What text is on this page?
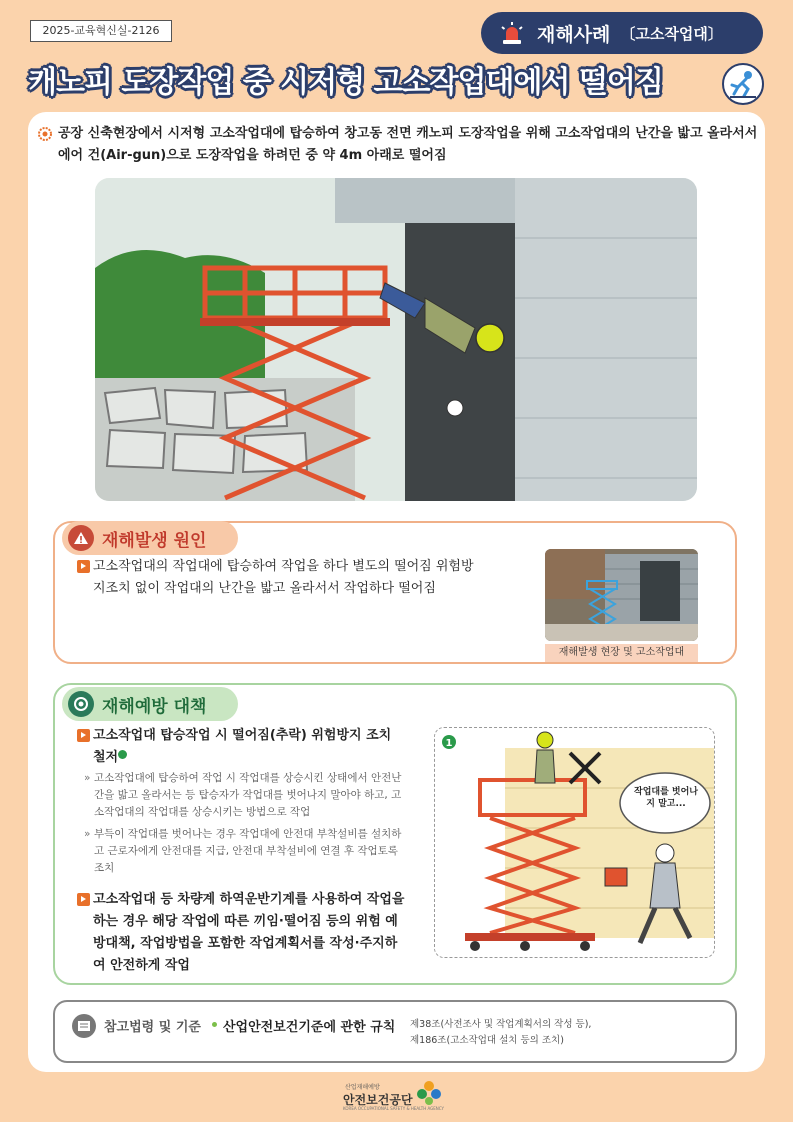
2025-교육혁신실-2126	재해사례 〔고소작업대〕
캐노피 도장작업 중 시저형 고소작업대에서 떨어짐
공장 신축현장에서 시저형 고소작업대에 탑승하여 창고동 전면 캐노피 도장작업을 위해 고소작업대의 난간을 밟고 올라서서 에어 건(Air-gun)으로 도장작업을 하려던 중 약 4m 아래로 떨어짐
재해발생 원인
고소작업대의 작업대에 탑승하여 작업을 하다 별도의 떨어짐 위험방지조치 없이 작업대의 난간을 밟고 올라서서 작업하다 떨어짐
재해발생 현장 및 고소작업대
재해예방 대책
고소작업대 탑승작업 시 떨어짐(추락) 위험방지 조치 철저
» 고소작업대에 탑승하여 작업 시 작업대를 상승시킨 상태에서 안전난간을 밟고 올라서는 등 탑승자가 작업대를 벗어나지 말아야 하고, 고소작업대의 작업대를 상승시키는 방법으로 작업
» 부득이 작업대를 벗어나는 경우 작업대에 안전대 부착설비를 설치하고 근로자에게 안전대를 지급, 안전대 부착설비에 연결 후 작업토록 조치
고소작업대 등 차량계 하역운반기계를 사용하여 작업을 하는 경우 해당 작업에 따른 끼임·떨어짐 등의 위험 예방대책, 작업방법을 포함한 작업계획서를 작성·주지하여 안전하게 작업
1
작업대를 벗어나지 말고...
참고법령 및 기준 산업안전보건기준에 관한 규칙 제38조(사전조사 및 작업계획서의 작성 등),
제186조(고소작업대 설치 등의 조치)
산업재해예방
안전보건공단
KOREA OCCUPATIONAL SAFETY & HEALTH AGENCY
